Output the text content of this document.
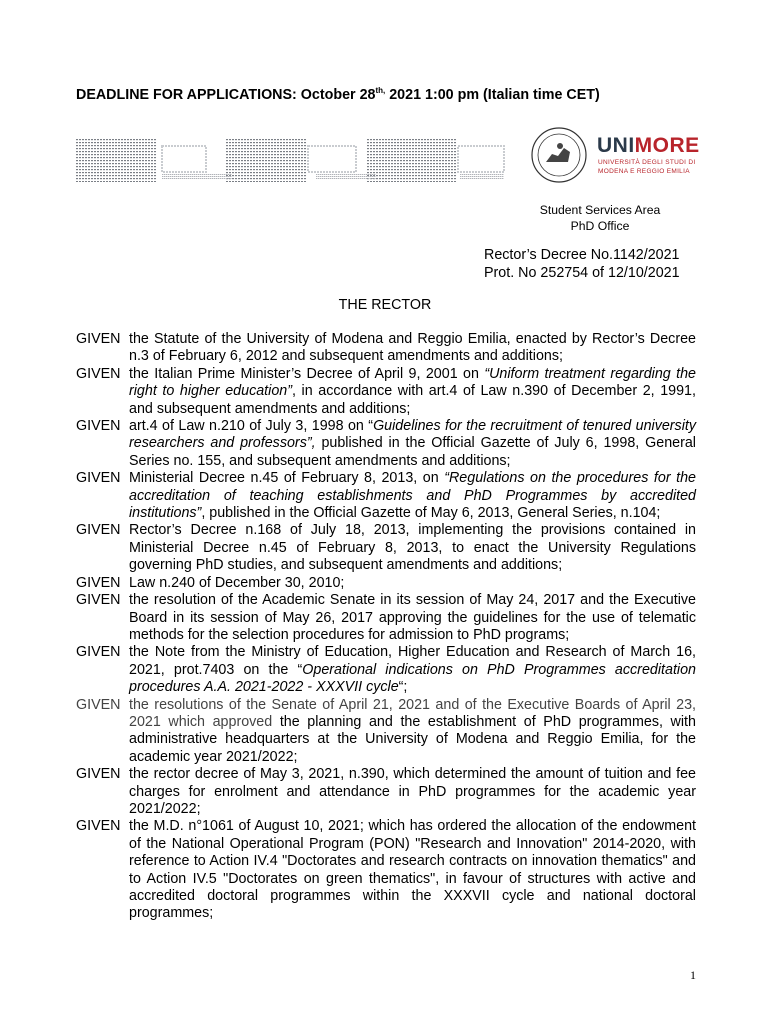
DEADLINE FOR APPLICATIONS: October $28^{th,}$ 2021 1:00 pm (Italian time CET)
UNIMORE
UNIVERSITÀ DEGLI STUDI DI
MODENA E REGGIO EMILIA
Student Services Area
PhD Office
Rector’s Decree No.1142/2021
Prot. No 252754 of 12/10/2021
THE RECTOR
GIVEN the Statute of the University of Modena and Reggio Emilia, enacted by Rector’s Decree n.3 of February 6, 2012 and subsequent amendments and additions;
GIVEN the Italian Prime Minister’s Decree of April 9, 2001 on “Uniform treatment regarding the right to higher education”, in accordance with art.4 of Law n.390 of December 2, 1991, and subsequent amendments and additions;
GIVEN art.4 of Law n.210 of July 3, 1998 on “Guidelines for the recruitment of tenured university researchers and professors”, published in the Official Gazette of July 6, 1998, General Series no. 155, and subsequent amendments and additions;
GIVEN Ministerial Decree n.45 of February 8, 2013, on “Regulations on the procedures for the accreditation of teaching establishments and PhD Programmes by accredited institutions”, published in the Official Gazette of May 6, 2013, General Series, n.104;
GIVEN Rector’s Decree n.168 of July 18, 2013, implementing the provisions contained in Ministerial Decree n.45 of February 8, 2013, to enact the University Regulations governing PhD studies, and subsequent amendments and additions;
GIVEN Law n.240 of December 30, 2010;
GIVEN the resolution of the Academic Senate in its session of May 24, 2017 and the Executive Board in its session of May 26, 2017 approving the guidelines for the use of telematic methods for the selection procedures for admission to PhD programs;
GIVEN the Note from the Ministry of Education, Higher Education and Research of March 16, 2021, prot.7403 on the “Operational indications on PhD Programmes accreditation procedures A.A. 2021-2022 - XXXVII cycle“;
GIVEN the resolutions of the Senate of April 21, 2021 and of the Executive Boards of April 23, 2021 which approved the planning and the establishment of PhD programmes, with administrative headquarters at the University of Modena and Reggio Emilia, for the academic year 2021/2022;
GIVEN the rector decree of May 3, 2021, n.390, which determined the amount of tuition and fee charges for enrolment and attendance in PhD programmes for the academic year 2021/2022;
GIVEN the M.D. n°1061 of August 10, 2021; which has ordered the allocation of the endowment of the National Operational Program (PON) "Research and Innovation" 2014-2020, with reference to Action IV.4 "Doctorates and research contracts on innovation thematics" and to Action IV.5 "Doctorates on green thematics", in favour of structures with active and accredited doctoral programmes within the XXXVII cycle and national doctoral programmes;
1
